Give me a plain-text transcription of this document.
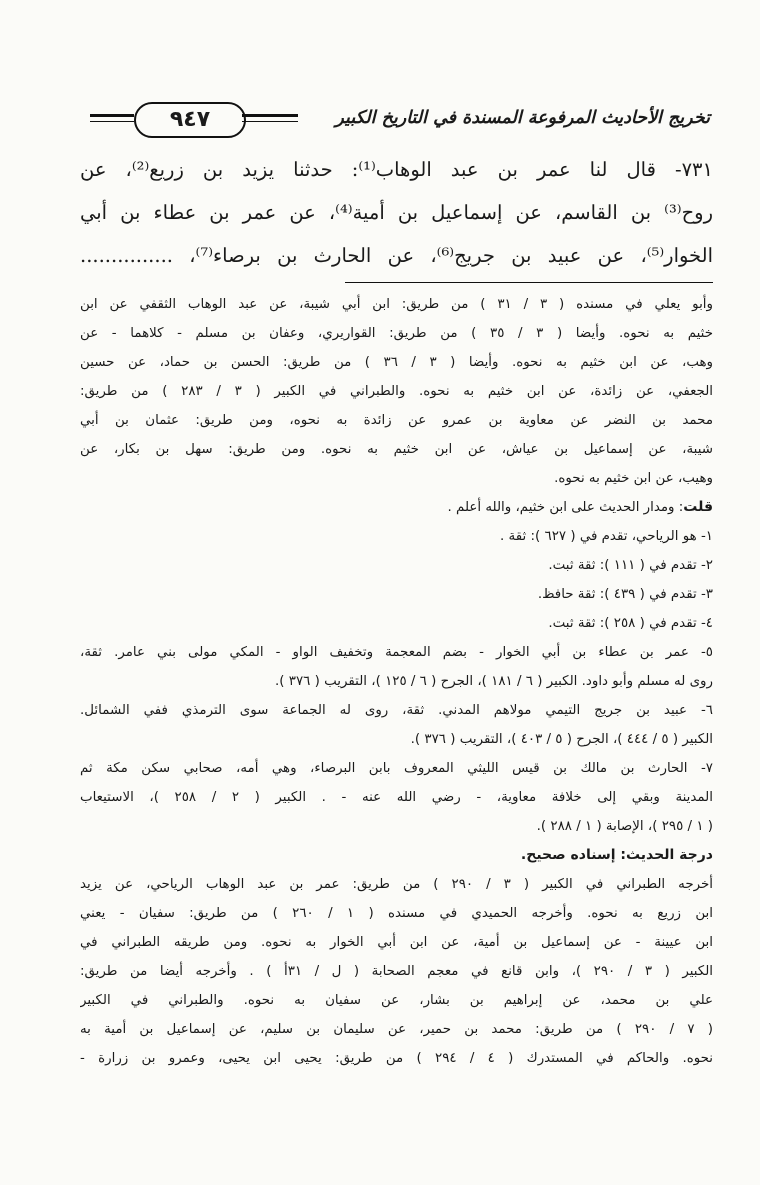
٩٤٧	تخريج الأحاديث المرفوعة المسندة في التاريخ الكبير
٧٣١- قال لنا عمر بن عبد الوهاب⁽¹⁾: حدثنا يزيد بن زريع⁽²⁾، عن
روح⁽³⁾ بن القاسم، عن إسماعيل بن أمية⁽⁴⁾، عن عمر بن عطاء بن أبي
الخوار⁽⁵⁾، عن عبيد بن جريج⁽⁶⁾، عن الحارث بن برصاء⁽⁷⁾، ...............
وأبو يعلي في مسنده ( ٣ / ٣١ ) من طريق: ابن أبي شيبة، عن عبد الوهاب الثقفي عن ابن
خثيم به نحوه. وأيضا ( ٣ / ٣٥ ) من طريق: القواريري، وعفان بن مسلم - كلاهما - عن
وهب، عن ابن خثيم به نحوه. وأيضا ( ٣ / ٣٦ ) من طريق: الحسن بن حماد، عن حسين
الجعفي، عن زائدة، عن ابن خثيم به نحوه. والطبراني في الكبير ( ٣ / ٢٨٣ ) من طريق:
محمد بن النضر عن معاوية بن عمرو عن زائدة به نحوه، ومن طريق: عثمان بن أبي
شيبة، عن إسماعيل بن عياش، عن ابن خثيم به نحوه. ومن طريق: سهل بن بكار، عن
وهيب، عن ابن خثيم به نحوه.
قلت: ومدار الحديث على ابن خثيم، والله أعلم .
١- هو الرياحي، تقدم في ( ٦٢٧ ): ثقة .
٢- تقدم في ( ١١١ ): ثقة ثبت.
٣- تقدم في ( ٤٣٩ ): ثقة حافظ.
٤- تقدم في ( ٢٥٨ ): ثقة ثبت.
٥- عمر بن عطاء بن أبي الخوار - بضم المعجمة وتخفيف الواو - المكي مولى بني عامر. ثقة،
روى له مسلم وأبو داود. الكبير ( ٦ / ١٨١ )، الجرح ( ٦ / ١٢٥ )، التقريب ( ٣٧٦ ).
٦- عبيد بن جريج التيمي مولاهم المدني. ثقة، روى له الجماعة سوى الترمذي ففي الشمائل.
الكبير ( ٥ / ٤٤٤ )، الجرح ( ٥ / ٤٠٣ )، التقريب ( ٣٧٦ ).
٧- الحارث بن مالك بن قيس الليثي المعروف بابن البرصاء، وهي أمه، صحابي سكن مكة ثم
المدينة وبقي إلى خلافة معاوية، - رضي الله عنه - . الكبير ( ٢ / ٢٥٨ )، الاستيعاب
( ١ / ٢٩٥ )، الإصابة ( ١ / ٢٨٨ ).
درجة الحديث: إسناده صحيح.
أخرجه الطبراني في الكبير ( ٣ / ٢٩٠ ) من طريق: عمر بن عبد الوهاب الرياحي، عن يزيد
ابن زريع به نحوه. وأخرجه الحميدي في مسنده ( ١ / ٢٦٠ ) من طريق: سفيان - يعني
ابن عيينة - عن إسماعيل بن أمية، عن ابن أبي الخوار به نحوه. ومن طريقه الطبراني في
الكبير ( ٣ / ٢٩٠ )، وابن قانع في معجم الصحابة ( ل / ٣١أ ) . وأخرجه أيضا من طريق:
علي بن محمد، عن إبراهيم بن بشار، عن سفيان به نحوه. والطبراني في الكبير
( ٧ / ٢٩٠ ) من طريق: محمد بن حمير، عن سليمان بن سليم، عن إسماعيل بن أمية به
نحوه. والحاكم في المستدرك ( ٤ / ٢٩٤ ) من طريق: يحيى ابن يحيى، وعمرو بن زرارة -
